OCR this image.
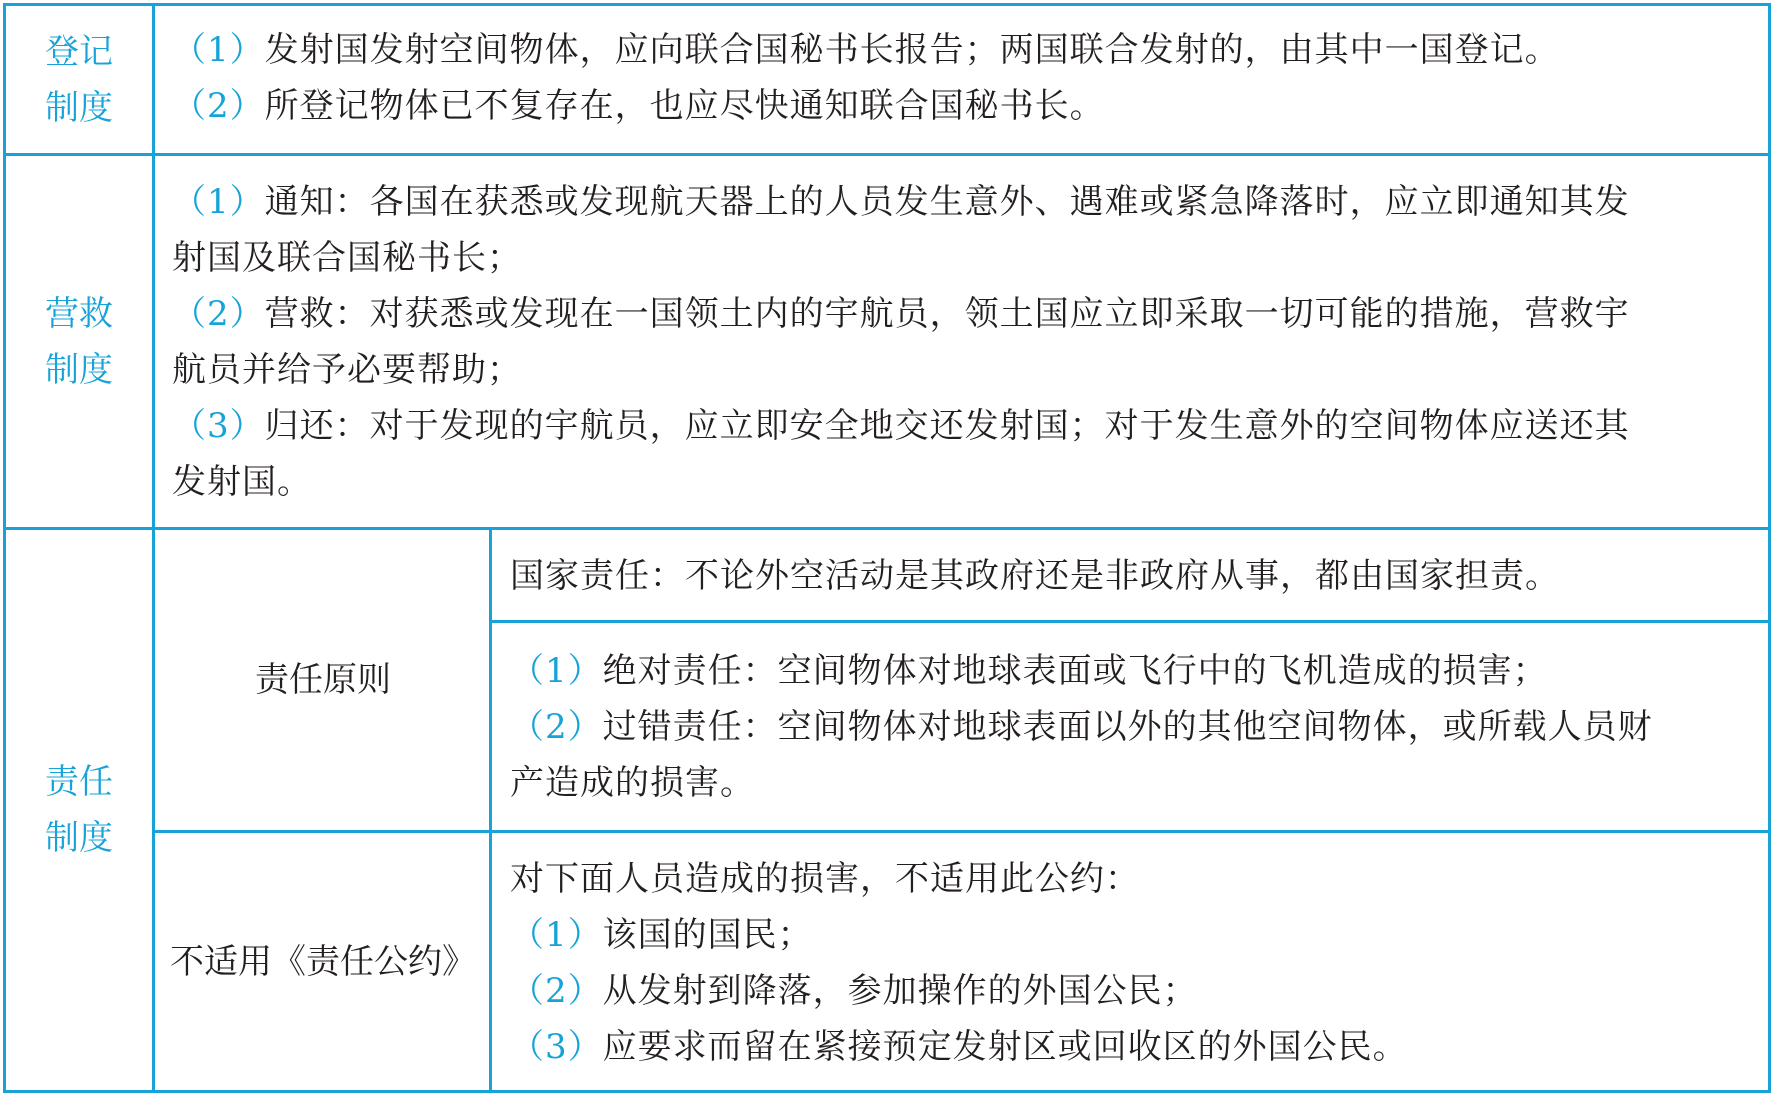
登记制度
（1）发射国发射空间物体，应向联合国秘书长报告；两国联合发射的，由其中一国登记。
（2）所登记物体已不复存在，也应尽快通知联合国秘书长。
营救制度
（1）通知：各国在获悉或发现航天器上的人员发生意外、遇难或紧急降落时，应立即通知其发
射国及联合国秘书长；
（2）营救：对获悉或发现在一国领土内的宇航员，领土国应立即采取一切可能的措施，营救宇
航员并给予必要帮助；
（3）归还：对于发现的宇航员，应立即安全地交还发射国；对于发生意外的空间物体应送还其
发射国。
责任制度
责任原则
国家责任：不论外空活动是其政府还是非政府从事，都由国家担责。
（1）绝对责任：空间物体对地球表面或飞行中的飞机造成的损害；
（2）过错责任：空间物体对地球表面以外的其他空间物体，或所载人员财
产造成的损害。
不适用《责任公约》
对下面人员造成的损害，不适用此公约：
（1）该国的国民；
（2）从发射到降落，参加操作的外国公民；
（3）应要求而留在紧接预定发射区或回收区的外国公民。
